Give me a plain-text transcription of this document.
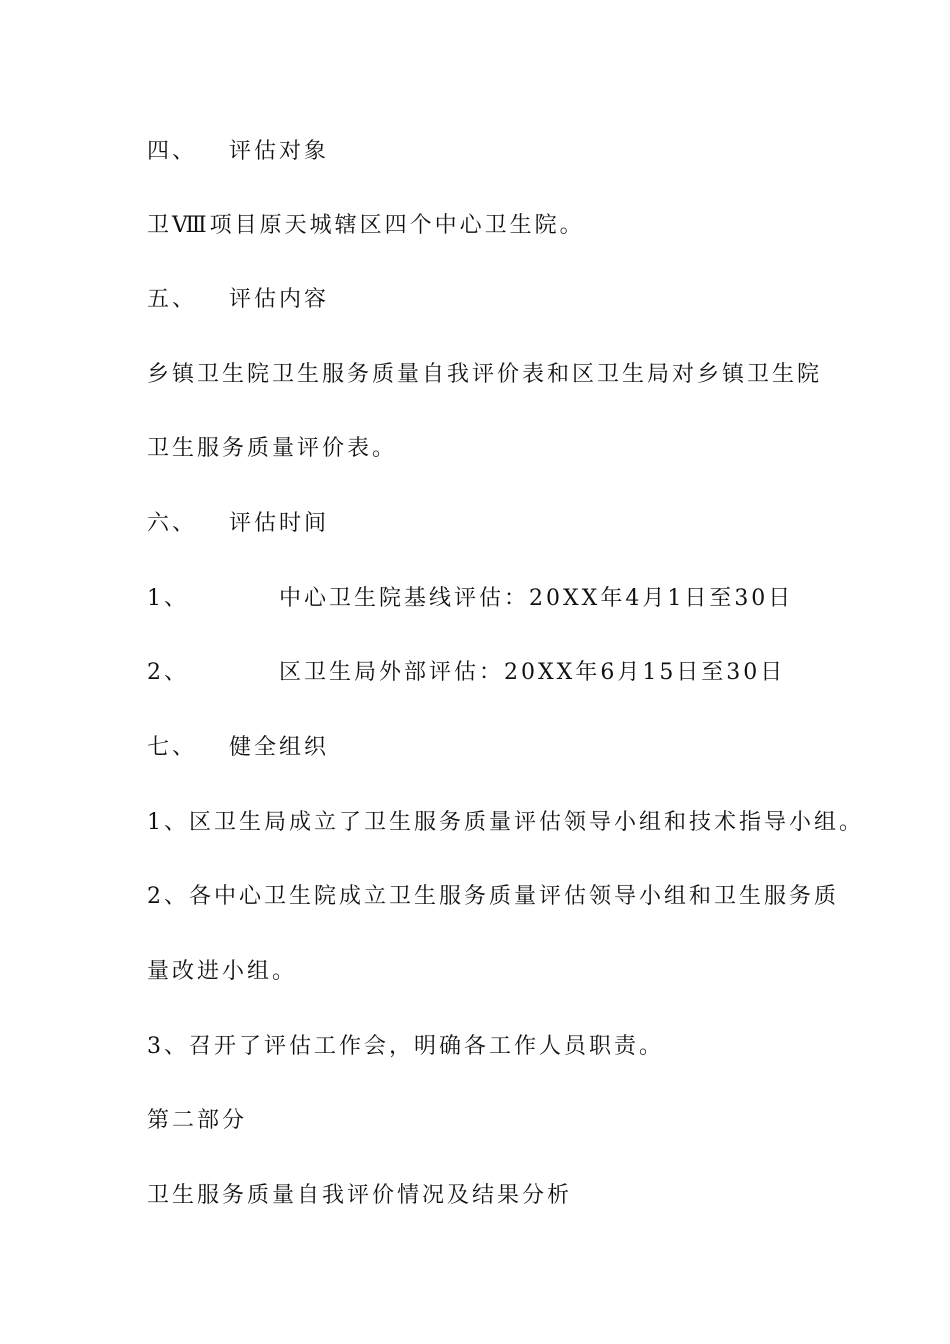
四、 评估对象
卫Ⅷ项目原天城辖区四个中心卫生院。
五、 评估内容
乡镇卫生院卫生服务质量自我评价表和区卫生局对乡镇卫生院
卫生服务质量评价表。
六、 评估时间
1、	中心卫生院基线评估：20XX年4月1日至30日
2、	区卫生局外部评估：20XX年6月15日至30日
七、 健全组织
1、区卫生局成立了卫生服务质量评估领导小组和技术指导小组。
2、各中心卫生院成立卫生服务质量评估领导小组和卫生服务质
量改进小组。
3、召开了评估工作会，明确各工作人员职责。
第二部分
卫生服务质量自我评价情况及结果分析
